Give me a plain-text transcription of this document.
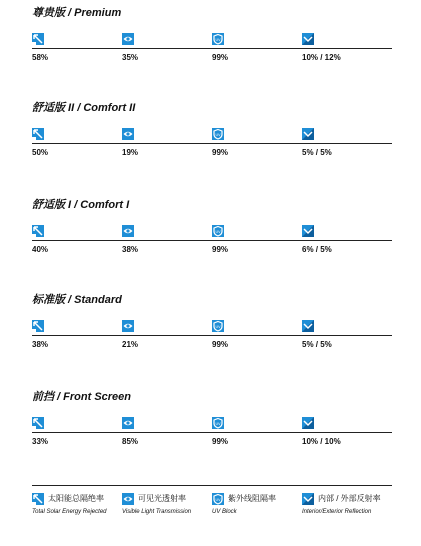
尊贵版 / Premium
UV
58%	35%	99%	10% / 12%
舒适版 II / Comfort II
UV
50%	19%	99%	5% / 5%
舒适版 I / Comfort I
UV
40%	38%	99%	6% / 5%
标准版 / Standard
UV
38%	21%	99%	5% / 5%
前挡 / Front Screen
UV
33%	85%	99%	10% / 10%
太阳能总隔绝率
Total Solar Energy Rejected
可见光透射率
Visible Light Transmission
UV 紫外线阻隔率
UV Block
内部 / 外部反射率
Interior/Exterior Reflection
